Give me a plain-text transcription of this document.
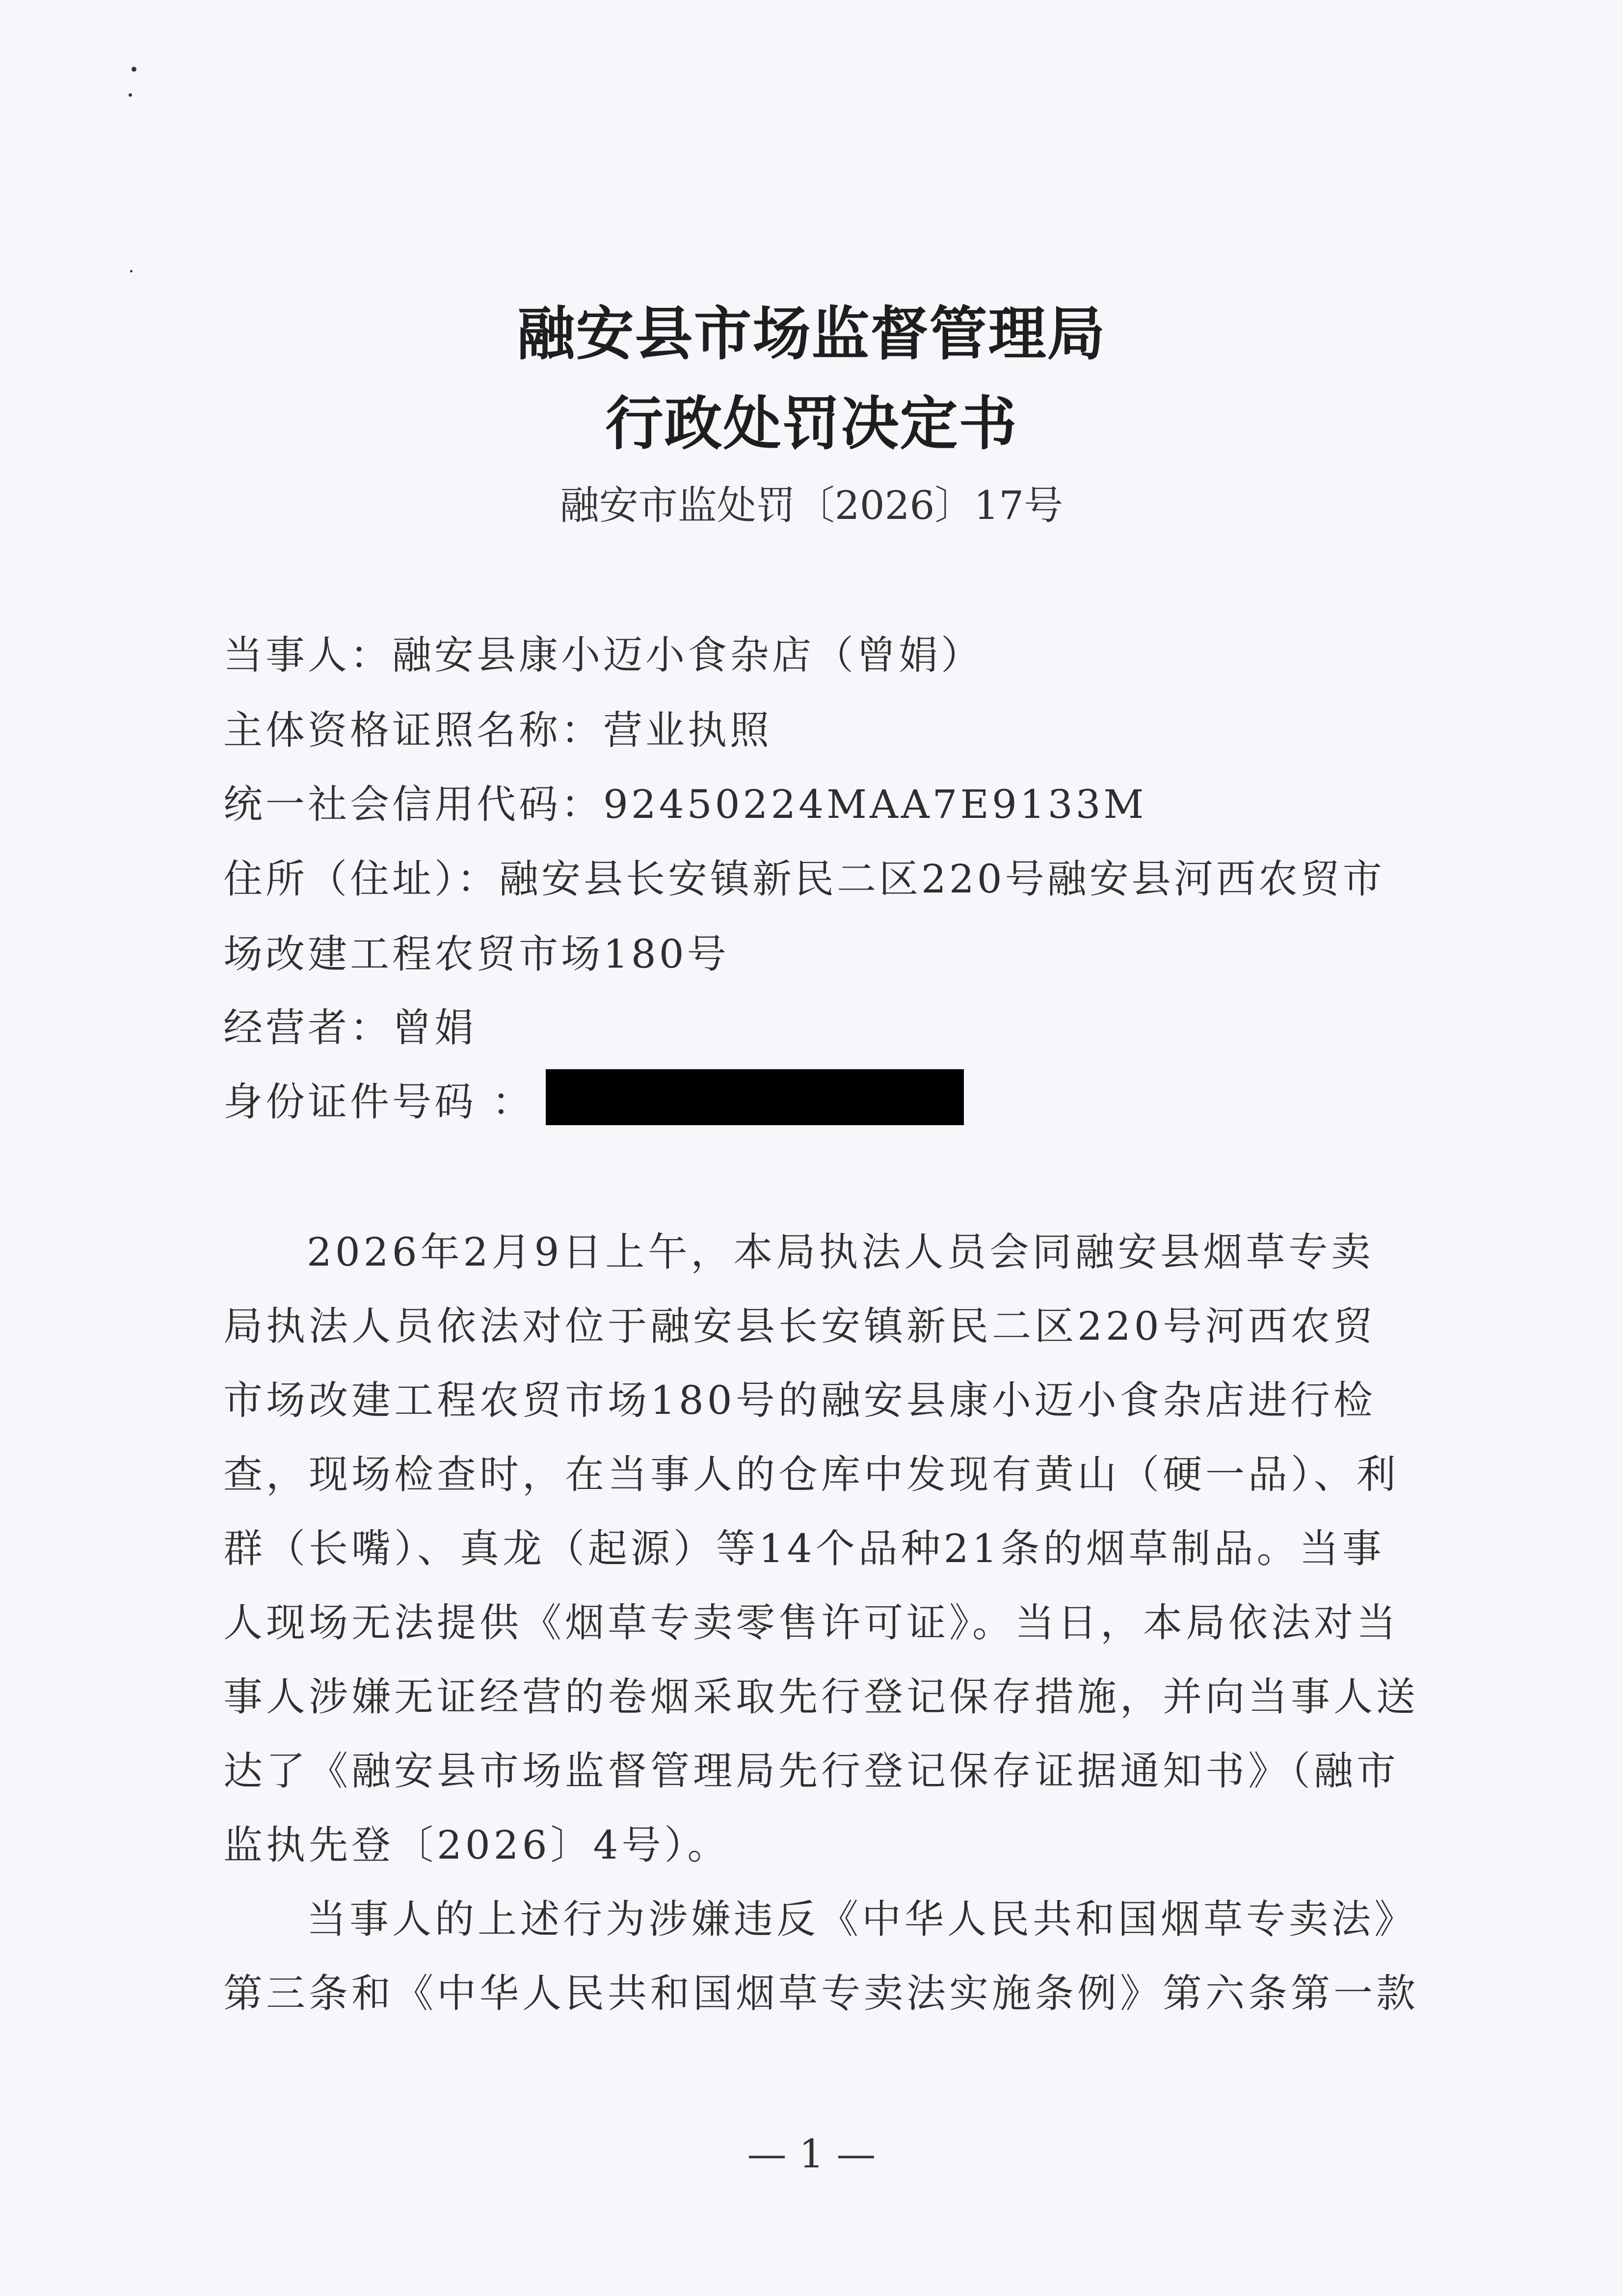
融安县市场监督管理局
行政处罚决定书
融安市监处罚〔2026〕17号
当事人：融安县康小迈小食杂店（曾娟）
主体资格证照名称：营业执照
统一社会信用代码：92450224MAA7E9133M
住所（住址）：融安县长安镇新民二区220号融安县河西农贸市
场改建工程农贸市场180号
经营者：曾娟
身份证件号码 ：
2026年2月9日上午，本局执法人员会同融安县烟草专卖
局执法人员依法对位于融安县长安镇新民二区220号河西农贸
市场改建工程农贸市场180号的融安县康小迈小食杂店进行检
查，现场检查时，在当事人的仓库中发现有黄山（硬一品）、利
群（长嘴）、真龙（起源）等14个品种21条的烟草制品。当事
人现场无法提供《烟草专卖零售许可证》。当日，本局依法对当
事人涉嫌无证经营的卷烟采取先行登记保存措施，并向当事人送
达了《融安县市场监督管理局先行登记保存证据通知书》（融市
监执先登〔2026〕4号）。
当事人的上述行为涉嫌违反《中华人民共和国烟草专卖法》
第三条和《中华人民共和国烟草专卖法实施条例》第六条第一款
— 1 —
